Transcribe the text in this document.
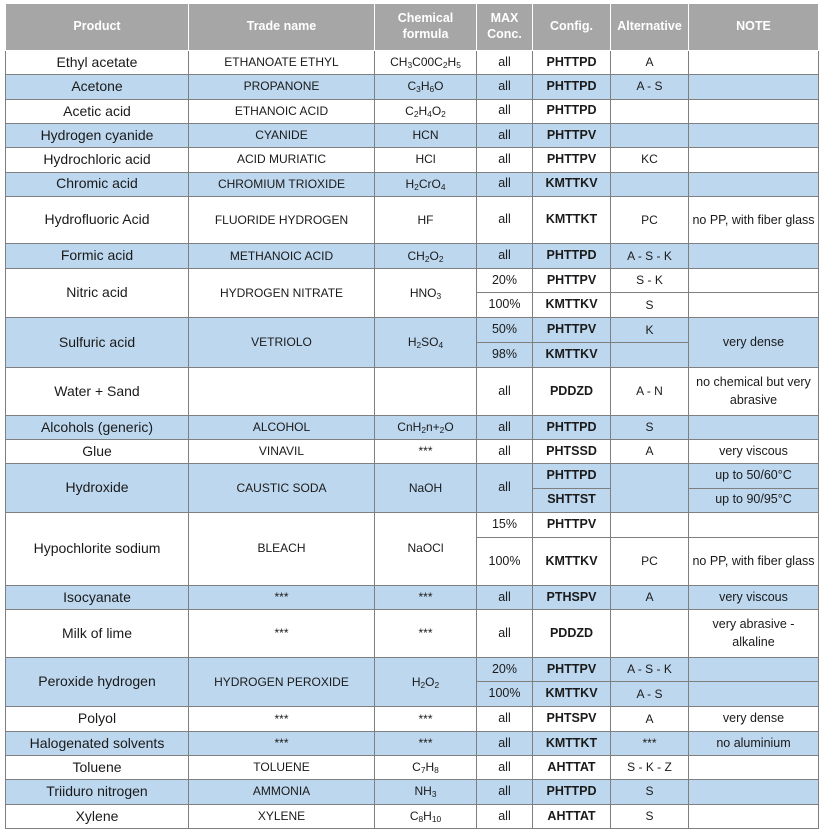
Product	Trade name	Chemical formula	MAX Conc.	Config.	Alternative	NOTE
Ethyl acetate	ETHANOATE ETHYL	$CH_3C00C_2H_5$	all	PHTTPD	A	
Acetone	PROPANONE	$C_3H_6O$	all	PHTTPD	A - S	
Acetic acid	ETHANOIC ACID	$C_2H_4O_2$	all	PHTTPD		
Hydrogen cyanide	CYANIDE	HCN	all	PHTTPV		
Hydrochloric acid	ACID MURIATIC	HCl	all	PHTTPV	KC	
Chromic acid	CHROMIUM TRIOXIDE	$H_2CrO_4$	all	KMTTKV		
Hydrofluoric Acid	FLUORIDE HYDROGEN	HF	all	KMTTKT	PC	no PP, with fiber glass
Formic acid	METHANOIC ACID	$CH_2O_2$	all	PHTTPD	A - S - K	
Nitric acid	HYDROGEN NITRATE	$HNO_3$	20%	PHTTPV	S - K	
			100%	KMTTKV	S	
Sulfuric acid	VETRIOLO	$H_2SO_4$	50%	PHTTPV	K	very dense
			98%	KMTTKV		
Water + Sand			all	PDDZD	A - N	no chemical but very abrasive
Alcohols (generic)	ALCOHOL	$CnH_2n+_2O$	all	PHTTPD	S	
Glue	VINAVIL	***	all	PHTSSD	A	very viscous
Hydroxide	CAUSTIC SODA	NaOH	all	PHTTPD		up to 50/60°C
				SHTTST		up to 90/95°C
Hypochlorite sodium	BLEACH	NaOCl	15%	PHTTPV		
			100%	KMTTKV	PC	no PP, with fiber glass
Isocyanate	***	***	all	PTHSPV	A	very viscous
Milk of lime	***	***	all	PDDZD		very abrasive - alkaline
Peroxide hydrogen	HYDROGEN PEROXIDE	$H_2O_2$	20%	PHTTPV	A - S - K	
			100%	KMTTKV	A - S	
Polyol	***	***	all	PHTSPV	A	very dense
Halogenated solvents	***	***	all	KMTTKT	***	no aluminium
Toluene	TOLUENE	$C_7H_8$	all	AHTTAT	S - K - Z	
Triiduro nitrogen	AMMONIA	$NH_3$	all	PHTTPD	S	
Xylene	XYLENE	$C_8H_{10}$	all	AHTTAT	S	
